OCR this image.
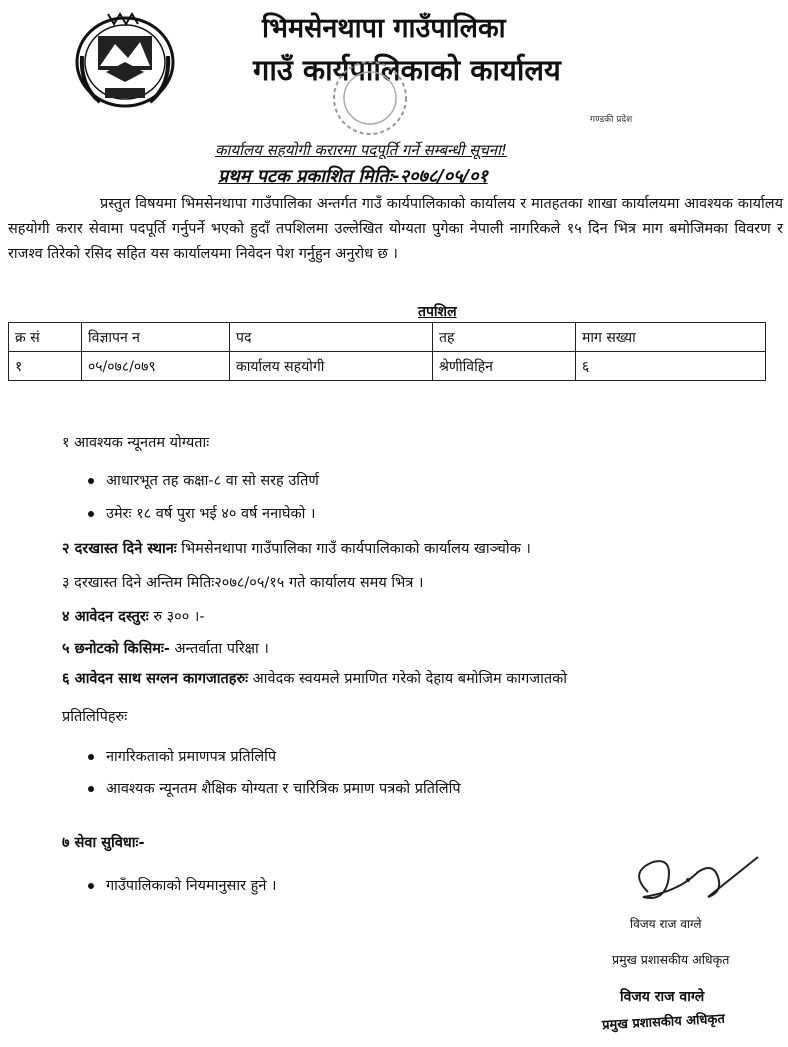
भिमसेनथापा गाउँपालिका
गाउँ कार्यपालिकाको कार्यालय
गण्डकी प्रदेश
कार्यालय सहयोगी करारमा पदपूर्ति गर्ने सम्बन्धी सूचना!
प्रथम पटक प्रकाशित मितिः-२०७८/०५/०१
प्रस्तुत विषयमा भिमसेनथापा गाउँपालिका अन्तर्गत गाउँ कार्यपालिकाको कार्यालय र मातहतका शाखा कार्यालयमा आवश्यक कार्यालय सहयोगी करार सेवामा पदपूर्ति गर्नुपर्ने भएको हुदाँ तपशिलमा उल्लेखित योग्यता पुगेका नेपाली नागरिकले १५ दिन भित्र माग बमोजिमका विवरण र राजश्व तिरेको रसिद सहित यस कार्यालयमा निवेदन पेश गर्नुहुन अनुरोध छ ।
तपशिल
क्र सं	विज्ञापन न	पद	तह	माग सख्या
१	०५/०७८/०७९	कार्यालय सहयोगी	श्रेणीविहिन	६
१ आवश्यक न्यूनतम योग्यताः
आधारभूत तह कक्षा-८ वा सो सरह उतिर्ण
उमेरः १८ वर्ष पुरा भई ४० वर्ष ननाघेको ।
२ दरखास्त दिने स्थानः भिमसेनथापा गाउँपालिका गाउँ कार्यपालिकाको कार्यालय खाञ्चोक ।
३ दरखास्त दिने अन्तिम मितिः२०७८/०५/१५ गते कार्यालय समय भित्र ।
४ आवेदन दस्तुरः रु ३०० ।-
५ छनोटको किसिमः- अन्तर्वाता परिक्षा ।
६ आवेदन साथ सग्लन कागजातहरुः आवेदक स्वयमले प्रमाणित गरेको देहाय बमोजिम कागजातको
प्रतिलिपिहरुः
नागरिकताको प्रमाणपत्र प्रतिलिपि
आवश्यक न्यूनतम शैक्षिक योग्यता र चारित्रिक प्रमाण पत्रको प्रतिलिपि
७ सेवा सुविधाः-
गाउँपालिकाको नियमानुसार हुने ।
विजय राज वाग्ले
प्रमुख प्रशासकीय अधिकृत
विजय राज वाग्ले
प्रमुख प्रशासकीय अधिकृत
